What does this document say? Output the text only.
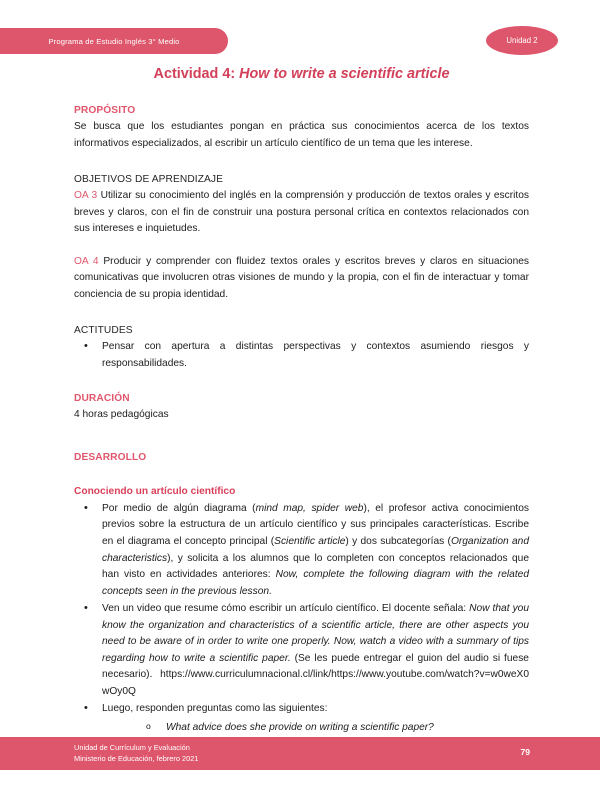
Programa de Estudio Inglés 3° Medio	Unidad 2
Actividad 4: How to write a scientific article
PROPÓSITO

Se busca que los estudiantes pongan en práctica sus conocimientos acerca de los textos informativos especializados, al escribir un artículo científico de un tema que les interese.

OBJETIVOS DE APRENDIZAJE

OA 3 Utilizar su conocimiento del inglés en la comprensión y producción de textos orales y escritos breves y claros, con el fin de construir una postura personal crítica en contextos relacionados con sus intereses e inquietudes.

OA 4 Producir y comprender con fluidez textos orales y escritos breves y claros en situaciones comunicativas que involucren otras visiones de mundo y la propia, con el fin de interactuar y tomar conciencia de su propia identidad.

ACTITUDES
• Pensar con apertura a distintas perspectivas y contextos asumiendo riesgos y responsabilidades.
DURACIÓN

4 horas pedagógicas

DESARROLLO
Conociendo un artículo científico
• Por medio de algún diagrama (mind map, spider web), el profesor activa conocimientos previos sobre la estructura de un artículo científico y sus principales características. Escribe en el diagrama el concepto principal (Scientific article) y dos subcategorías (Organization and characteristics), y solicita a los alumnos que lo completen con conceptos relacionados que han visto en actividades anteriores: Now, complete the following diagram with the related concepts seen in the previous lesson.
• Ven un video que resume cómo escribir un artículo científico. El docente señala: Now that you know the organization and characteristics of a scientific article, there are other aspects you need to be aware of in order to write one properly. Now, watch a video with a summary of tips regarding how to write a scientific paper. (Se les puede entregar el guion del audio si fuese necesario). https://www.curriculumnacional.cl/link/https://www.youtube.com/watch?v=w0weX0wOy0Q
• Luego, responden preguntas como las siguientes:
o What advice does she provide on writing a scientific paper?
o
o
Unidad de Currículum y Evaluación
Ministerio de Educación, febrero 2021
79
